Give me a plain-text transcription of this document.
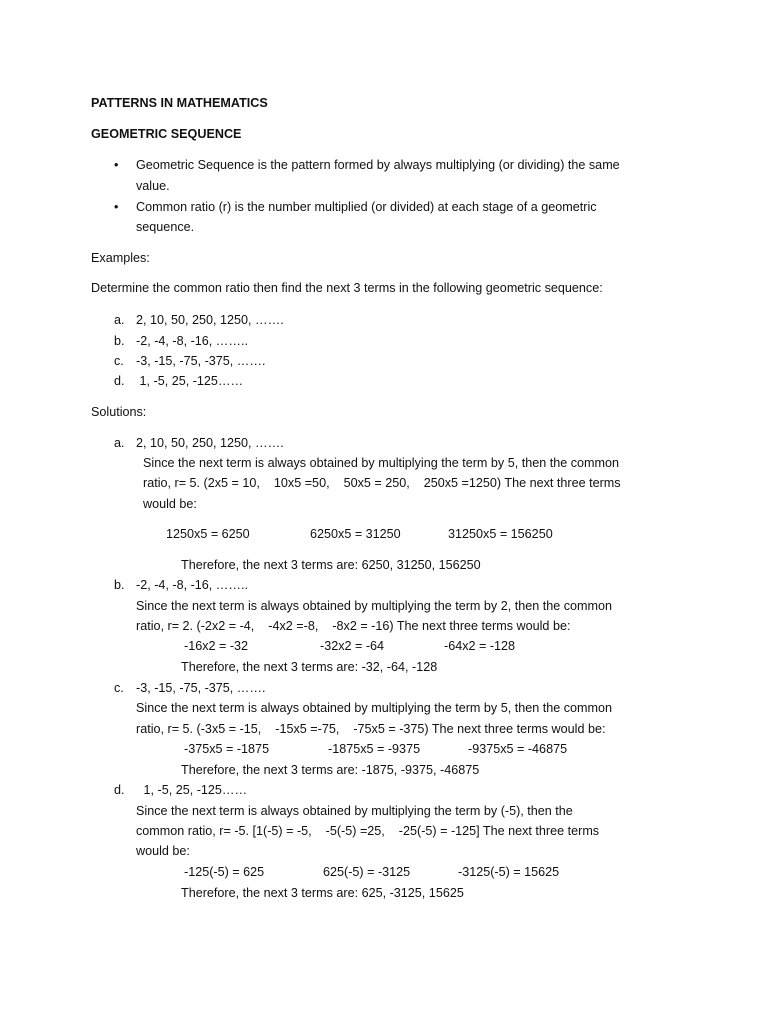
PATTERNS IN MATHEMATICS
GEOMETRIC SEQUENCE
• Geometric Sequence is the pattern formed by always multiplying (or dividing) the same
value.
• Common ratio (r) is the number multiplied (or divided) at each stage of a geometric
sequence.
Examples:
Determine the common ratio then find the next 3 terms in the following geometric sequence:
a. 2, 10, 50, 250, 1250, …….
b. -2, -4, -8, -16, ……..
c. -3, -15, -75, -375, …….
d. 1, -5, 25, -125……
Solutions:
a. 2, 10, 50, 250, 1250, …….
Since the next term is always obtained by multiplying the term by 5, then the common
ratio, r= 5. (2x5 = 10,    10x5 =50,    50x5 = 250,    250x5 =1250) The next three terms
would be:
1250x5 = 6250	6250x5 = 31250	31250x5 = 156250
Therefore, the next 3 terms are: 6250, 31250, 156250
b. -2, -4, -8, -16, ……..
Since the next term is always obtained by multiplying the term by 2, then the common
ratio, r= 2. (-2x2 = -4,    -4x2 =-8,    -8x2 = -16) The next three terms would be:
-16x2 = -32	-32x2 = -64	-64x2 = -128
Therefore, the next 3 terms are: -32, -64, -128
c. -3, -15, -75, -375, …….
Since the next term is always obtained by multiplying the term by 5, then the common
ratio, r= 5. (-3x5 = -15,    -15x5 =-75,    -75x5 = -375) The next three terms would be:
-375x5 = -1875	-1875x5 = -9375	-9375x5 = -46875
Therefore, the next 3 terms are: -1875, -9375, -46875
d. 1, -5, 25, -125……
Since the next term is always obtained by multiplying the term by (-5), then the
common ratio, r= -5. [1(-5) = -5,    -5(-5) =25,    -25(-5) = -125] The next three terms
would be:
-125(-5) = 625	625(-5) = -3125	-3125(-5) = 15625
Therefore, the next 3 terms are: 625, -3125, 15625
